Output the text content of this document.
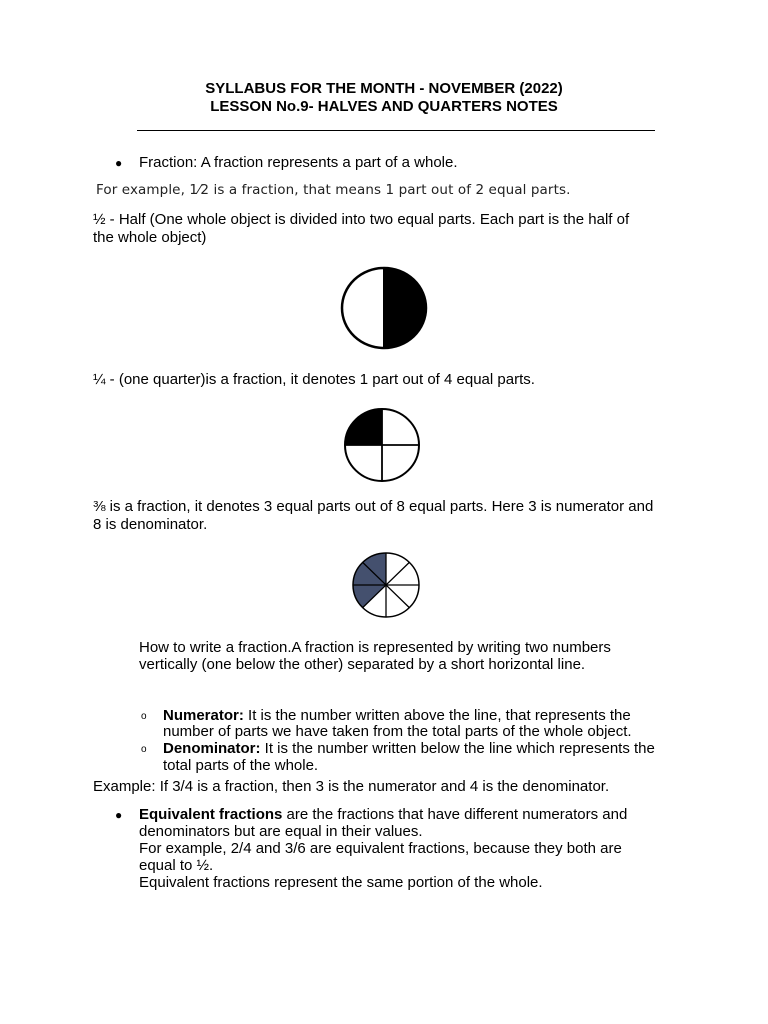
SYLLABUS FOR THE MONTH - NOVEMBER (2022)
LESSON No.9- HALVES AND QUARTERS NOTES
● Fraction: A fraction represents a part of a whole.
For example, 1⁄2 is a fraction, that means 1 part out of 2 equal parts.
½ - Half (One whole object is divided into two equal parts. Each part is the half of
the whole object)
¼ - (one quarter)is a fraction, it denotes 1 part out of 4 equal parts.
⅜ is a fraction, it denotes 3 equal parts out of 8 equal parts. Here 3 is numerator and
8 is denominator.
How to write a fraction.A fraction is represented by writing two numbers
vertically (one below the other) separated by a short horizontal line.
o Numerator: It is the number written above the line, that represents the
number of parts we have taken from the total parts of the whole object.
o Denominator: It is the number written below the line which represents the
total parts of the whole.
Example: If 3/4 is a fraction, then 3 is the numerator and 4 is the denominator.
● Equivalent fractions are the fractions that have different numerators and
denominators but are equal in their values.
For example, 2/4 and 3/6 are equivalent fractions, because they both are
equal to ½.
Equivalent fractions represent the same portion of the whole.
